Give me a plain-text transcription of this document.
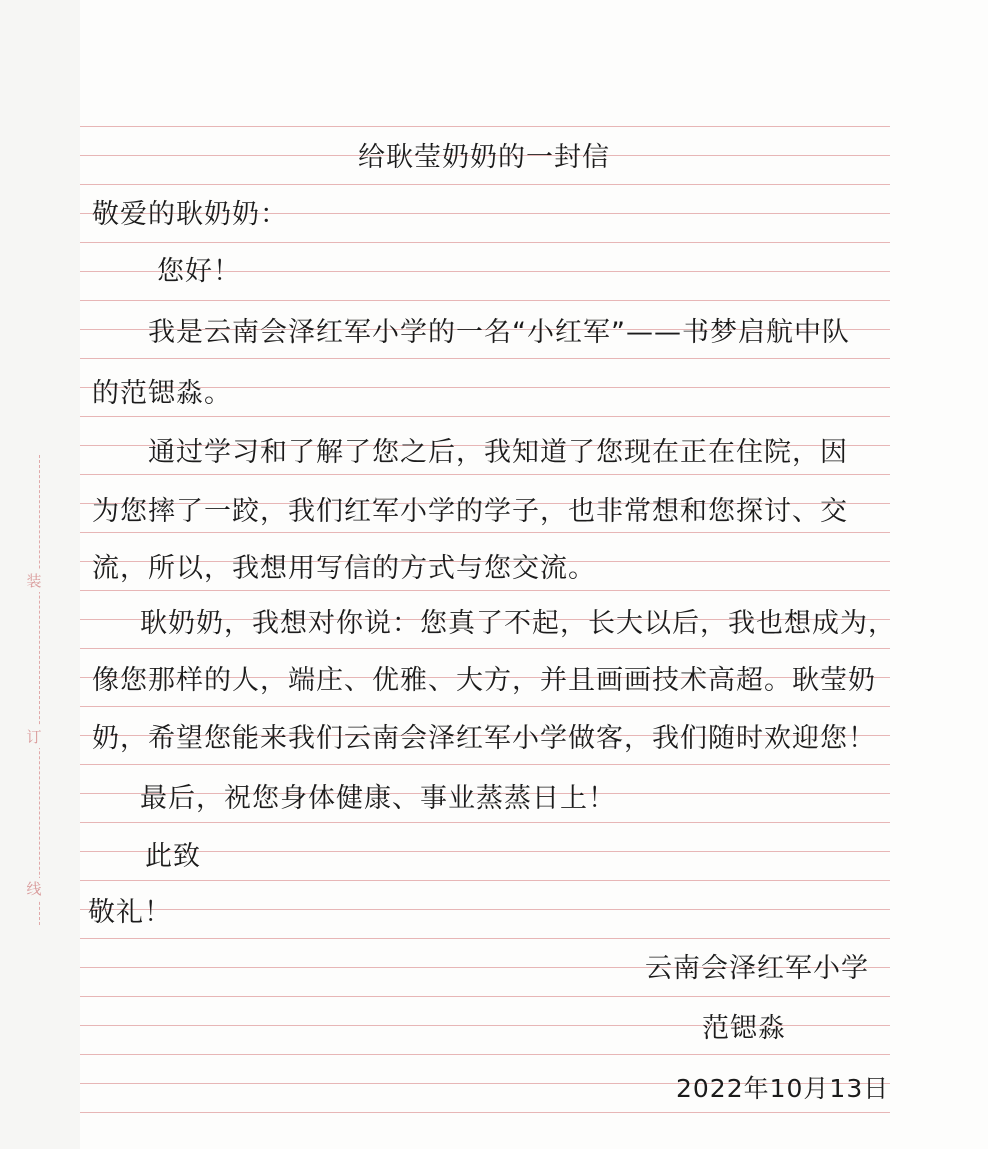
装
订
线
给耿莹奶奶的一封信
敬爱的耿奶奶：
您好！
我是云南会泽红军小学的一名“小红军”——书梦启航中队
的范锶淼。
通过学习和了解了您之后，我知道了您现在正在住院，因
为您摔了一跤，我们红军小学的学子，也非常想和您探讨、交
流，所以，我想用写信的方式与您交流。
耿奶奶，我想对你说：您真了不起，长大以后，我也想成为，
像您那样的人，端庄、优雅、大方，并且画画技术高超。耿莹奶
奶，希望您能来我们云南会泽红军小学做客，我们随时欢迎您！
最后，祝您身体健康、事业蒸蒸日上！
此致
敬礼！
云南会泽红军小学
范锶淼
2022年10月13日
